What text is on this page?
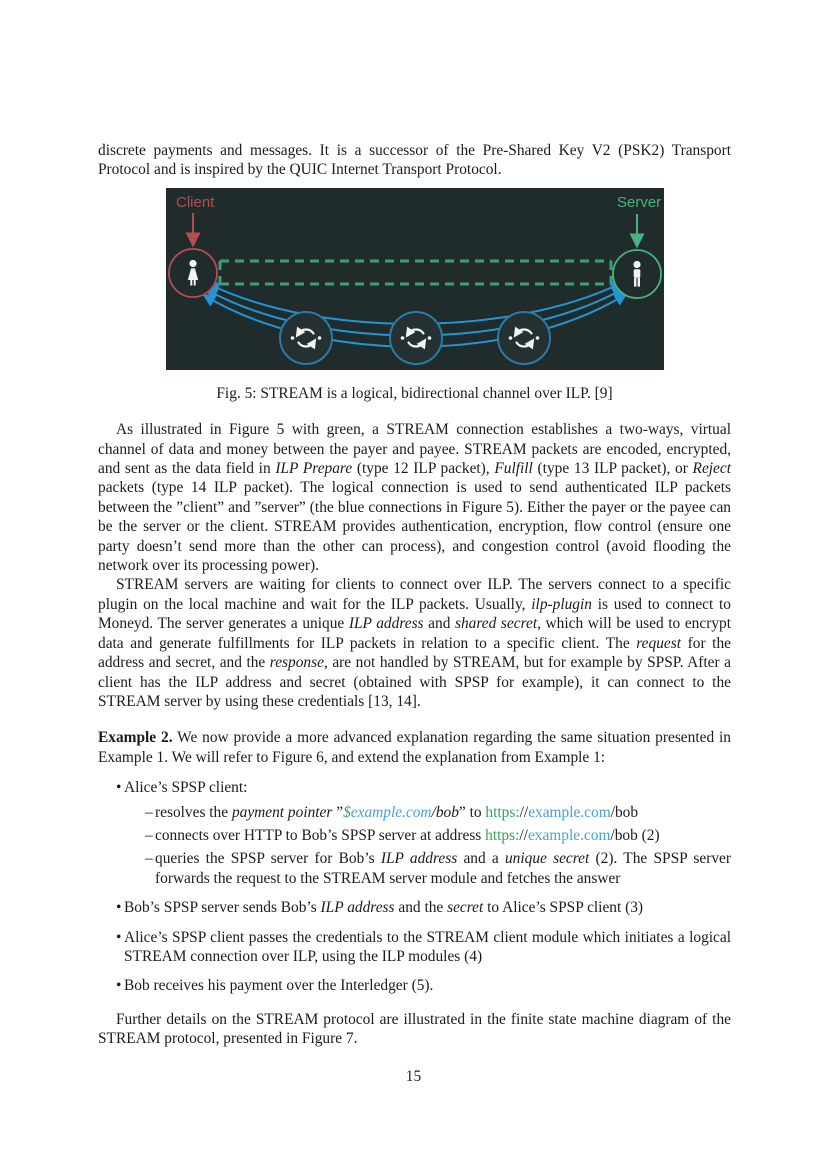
discrete payments and messages. It is a successor of the Pre-Shared Key V2 (PSK2) Transport Protocol and is inspired by the QUIC Internet Transport Protocol.

Client	Server

Fig. 5: STREAM is a logical, bidirectional channel over ILP. [9]

As illustrated in Figure 5 with green, a STREAM connection establishes a two-ways, virtual channel of data and money between the payer and payee. STREAM packets are encoded, encrypted, and sent as the data field in ILP Prepare (type 12 ILP packet), Fulfill (type 13 ILP packet), or Reject packets (type 14 ILP packet). The logical connection is used to send authenticated ILP packets between the ”client” and ”server” (the blue connections in Figure 5). Either the payer or the payee can be the server or the client. STREAM provides authentication, encryption, flow control (ensure one party doesn’t send more than the other can process), and congestion control (avoid flooding the network over its processing power).

STREAM servers are waiting for clients to connect over ILP. The servers connect to a specific plugin on the local machine and wait for the ILP packets. Usually, ilp-plugin is used to connect to Moneyd. The server generates a unique ILP address and shared secret, which will be used to encrypt data and generate fulfillments for ILP packets in relation to a specific client. The request for the address and secret, and the response, are not handled by STREAM, but for example by SPSP. After a client has the ILP address and secret (obtained with SPSP for example), it can connect to the STREAM server by using these credentials [13, 14].

Example 2. We now provide a more advanced explanation regarding the same situation presented in Example 1. We will refer to Figure 6, and extend the explanation from Example 1:

• Alice’s SPSP client:
– resolves the payment pointer ”$example.com/bob” to https://example.com/bob
– connects over HTTP to Bob’s SPSP server at address https://example.com/bob (2)
– queries the SPSP server for Bob’s ILP address and a unique secret (2). The SPSP server forwards the request to the STREAM server module and fetches the answer
• Bob’s SPSP server sends Bob’s ILP address and the secret to Alice’s SPSP client (3)
• Alice’s SPSP client passes the credentials to the STREAM client module which initiates a logical STREAM connection over ILP, using the ILP modules (4)
• Bob receives his payment over the Interledger (5).

Further details on the STREAM protocol are illustrated in the finite state machine diagram of the STREAM protocol, presented in Figure 7.

15
